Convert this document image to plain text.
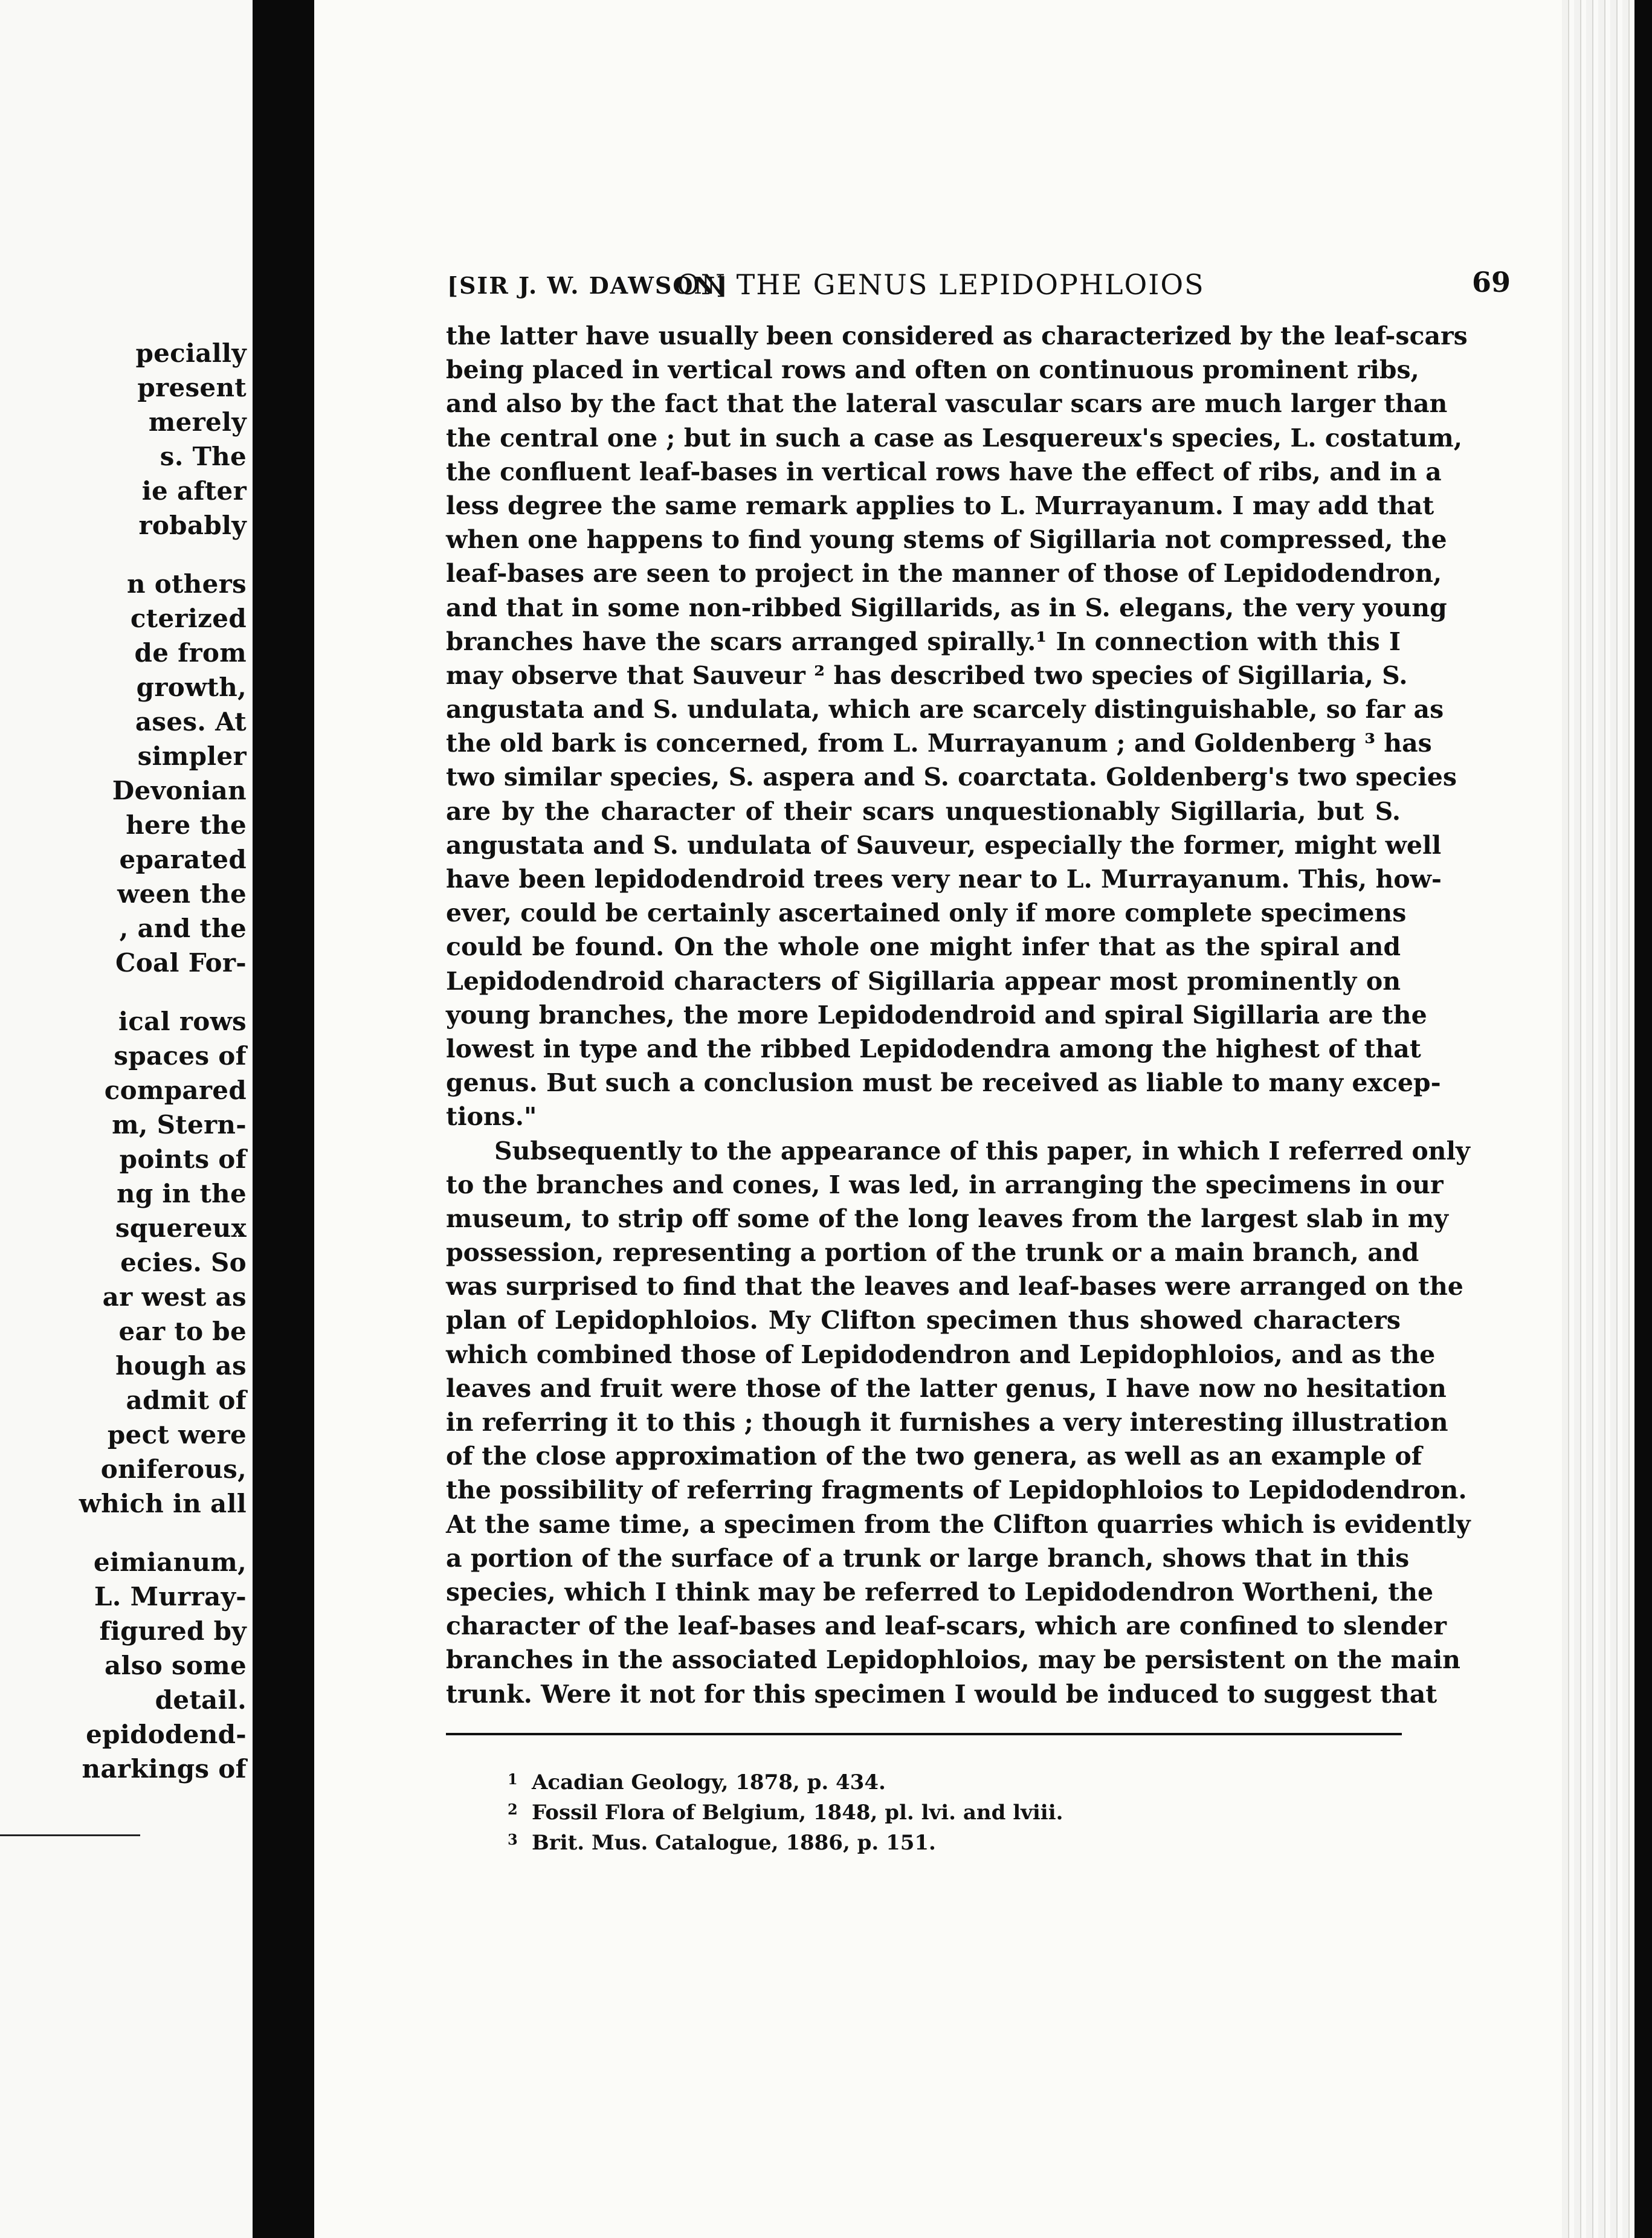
pecially
present
merely
s. The
ie after
robably
n others
cterized
de from
growth,
ases. At
simpler
Devonian
here the
eparated
ween the
, and the
Coal For-
ical rows
spaces of
compared
m, Stern-
points of
ng in the
squereux
ecies. So
ar west as
ear to be
hough as
admit of
pect were
oniferous,
which in all
eimianum,
L. Murray-
figured by
also some
detail.
epidodend-
narkings of
[SIR J. W. DAWSON]
ON THE GENUS LEPIDOPHLOIOS	69
the latter have usually been considered as characterized by the leaf-scars
being placed in vertical rows and often on continuous prominent ribs,
and also by the fact that the lateral vascular scars are much larger than
the central one ; but in such a case as Lesquereux's species, L. costatum,
the confluent leaf-bases in vertical rows have the effect of ribs, and in a
less degree the same remark applies to L. Murrayanum. I may add that
when one happens to find young stems of Sigillaria not compressed, the
leaf-bases are seen to project in the manner of those of Lepidodendron,
and that in some non-ribbed Sigillarids, as in S. elegans, the very young
branches have the scars arranged spirally.¹ In connection with this I
may observe that Sauveur ² has described two species of Sigillaria, S.
angustata and S. undulata, which are scarcely distinguishable, so far as
the old bark is concerned, from L. Murrayanum ; and Goldenberg ³ has
two similar species, S. aspera and S. coarctata. Goldenberg's two species
are by the character of their scars unquestionably Sigillaria, but S.
angustata and S. undulata of Sauveur, especially the former, might well
have been lepidodendroid trees very near to L. Murrayanum. This, how-
ever, could be certainly ascertained only if more complete specimens
could be found. On the whole one might infer that as the spiral and
Lepidodendroid characters of Sigillaria appear most prominently on
young branches, the more Lepidodendroid and spiral Sigillaria are the
lowest in type and the ribbed Lepidodendra among the highest of that
genus. But such a conclusion must be received as liable to many excep-
tions."
Subsequently to the appearance of this paper, in which I referred only
to the branches and cones, I was led, in arranging the specimens in our
museum, to strip off some of the long leaves from the largest slab in my
possession, representing a portion of the trunk or a main branch, and
was surprised to find that the leaves and leaf-bases were arranged on the
plan of Lepidophloios. My Clifton specimen thus showed characters
which combined those of Lepidodendron and Lepidophloios, and as the
leaves and fruit were those of the latter genus, I have now no hesitation
in referring it to this ; though it furnishes a very interesting illustration
of the close approximation of the two genera, as well as an example of
the possibility of referring fragments of Lepidophloios to Lepidodendron.
At the same time, a specimen from the Clifton quarries which is evidently
a portion of the surface of a trunk or large branch, shows that in this
species, which I think may be referred to Lepidodendron Wortheni, the
character of the leaf-bases and leaf-scars, which are confined to slender
branches in the associated Lepidophloios, may be persistent on the main
trunk. Were it not for this specimen I would be induced to suggest that
1 Acadian Geology, 1878, p. 434.
2 Fossil Flora of Belgium, 1848, pl. lvi. and lviii.
3 Brit. Mus. Catalogue, 1886, p. 151.
